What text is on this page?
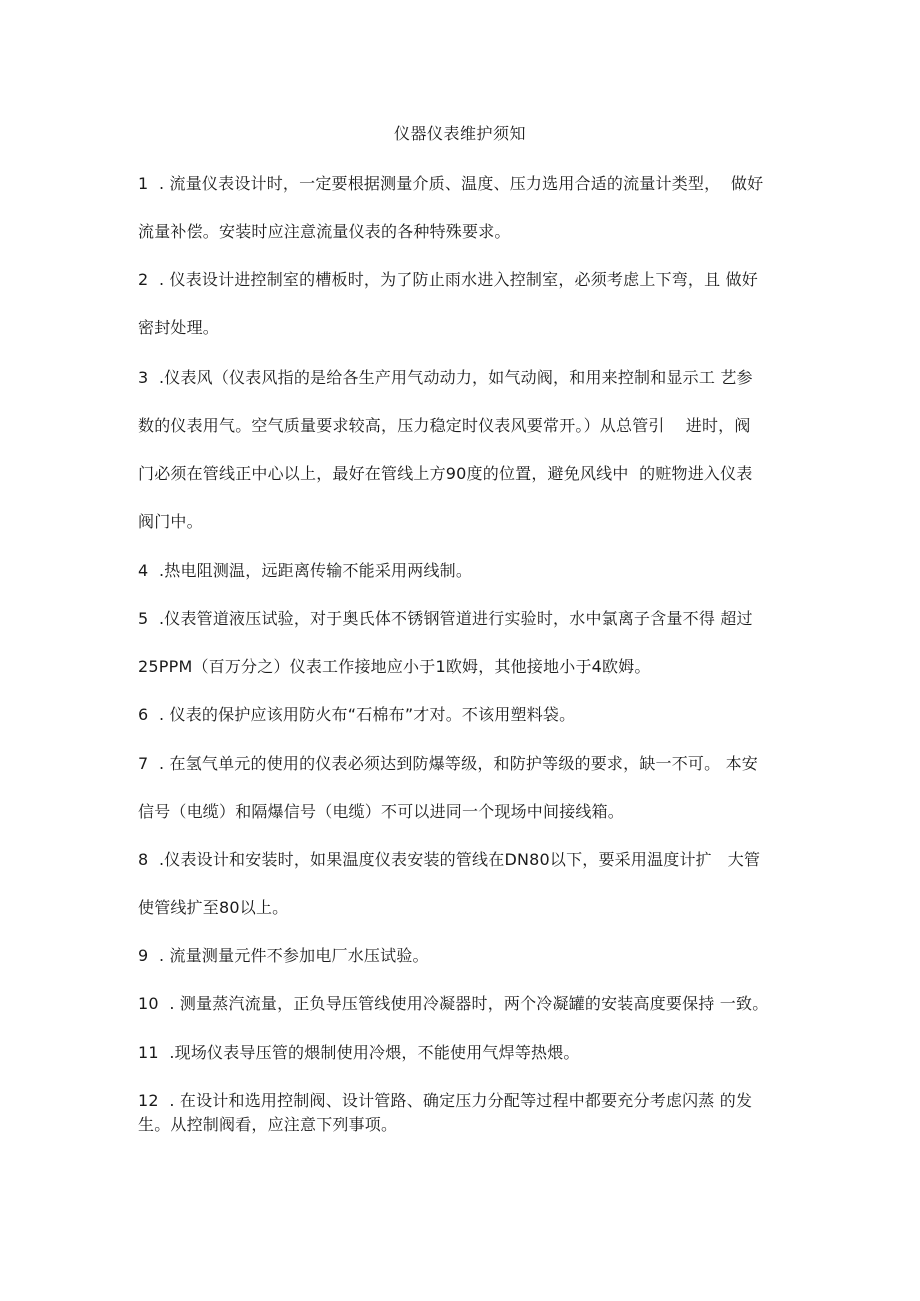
仪器仪表维护须知
1  . 流量仪表设计时，一定要根据测量介质、温度、压力选用合适的流量计类型，  做好
流量补偿。安装时应注意流量仪表的各种特殊要求。
2  . 仪表设计进控制室的槽板时，为了防止雨水进入控制室，必须考虑上下弯，且 做好
密封处理。
3  .仪表风（仪表风指的是给各生产用气动动力，如气动阀，和用来控制和显示工 艺参
数的仪表用气。空气质量要求较高，压力稳定时仪表风要常开。）从总管引    进时，阀
门必须在管线正中心以上，最好在管线上方90度的位置，避免风线中  的赃物进入仪表
阀门中。
4  .热电阻测温，远距离传输不能采用两线制。
5  .仪表管道液压试验，对于奥氏体不锈钢管道进行实验时，水中氯离子含量不得 超过
25PPM（百万分之）仪表工作接地应小于1欧姆，其他接地小于4欧姆。
6  . 仪表的保护应该用防火布“石棉布”才对。不该用塑料袋。
7  . 在氢气单元的使用的仪表必须达到防爆等级，和防护等级的要求，缺一不可。 本安
信号（电缆）和隔爆信号（电缆）不可以进同一个现场中间接线箱。
8  .仪表设计和安装时，如果温度仪表安装的管线在DN80以下，要采用温度计扩   大管
使管线扩至80以上。
9  . 流量测量元件不参加电厂水压试验。
10  . 测量蒸汽流量，正负导压管线使用冷凝器时，两个冷凝罐的安装高度要保持 一致。
11  .现场仪表导压管的煨制使用冷煨，不能使用气焊等热煨。
12  . 在设计和选用控制阀、设计管路、确定压力分配等过程中都要充分考虑闪蒸 的发
生。从控制阀看，应注意下列事项。
